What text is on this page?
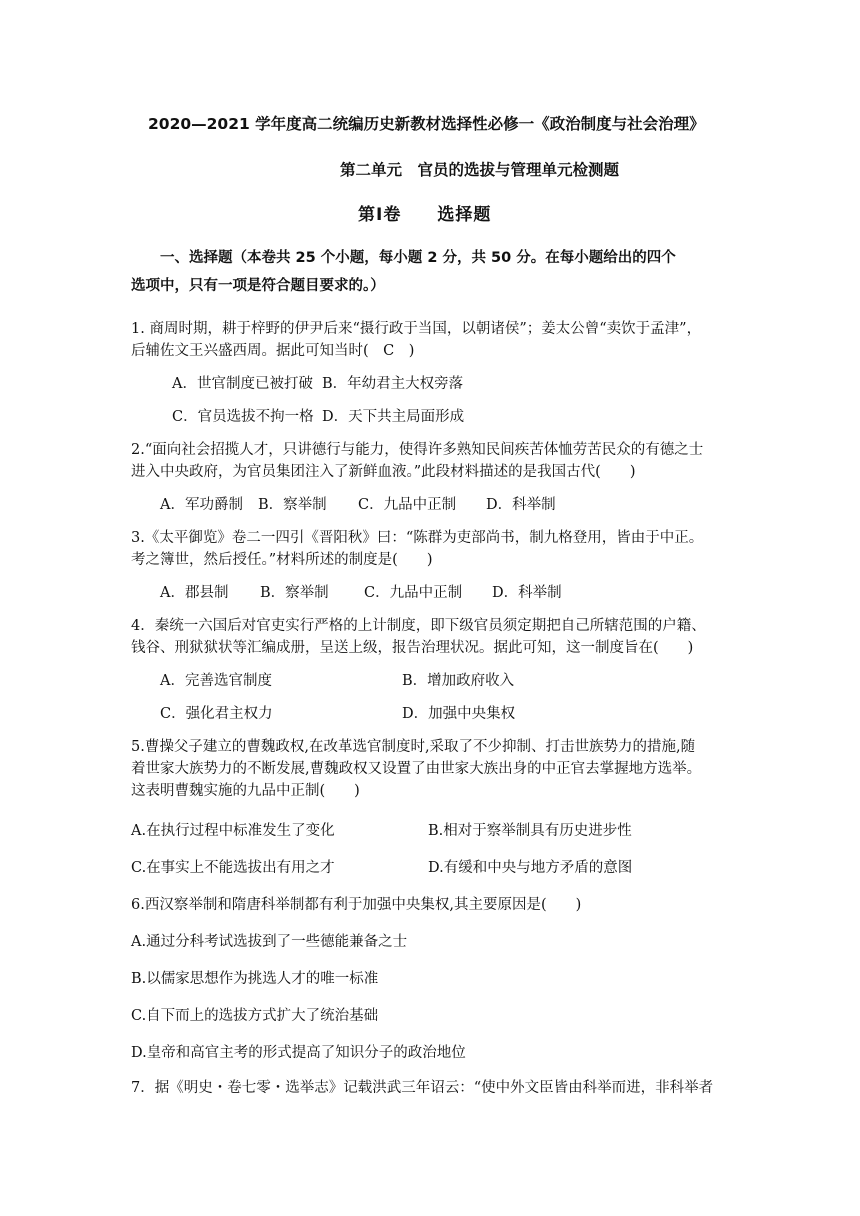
2020—2021 学年度高二统编历史新教材选择性必修一《政治制度与社会治理》
第二单元　官员的选拔与管理单元检测题
第Ⅰ卷　　选择题
一、选择题（本卷共 25 个小题，每小题 2 分，共 50 分。在每小题给出的四个
选项中，只有一项是符合题目要求的。）
1. 商周时期，耕于梓野的伊尹后来“摄行政于当国，以朝诸侯”；姜太公曾“卖饮于孟津”，
后辅佐文王兴盛西周。据此可知当时(　C　)
A．世官制度已被打破 B．年幼君主大权旁落
C．官员选拔不拘一格 D．天下共主局面形成
2.“面向社会招揽人才，只讲德行与能力，使得许多熟知民间疾苦体恤劳苦民众的有德之士
进入中央政府，为官员集团注入了新鲜血液。”此段材料描述的是我国古代(　　)
A．军功爵制 B．察举制 C．九品中正制 D．科举制
3.《太平御览》卷二一四引《晋阳秋》曰：“陈群为吏部尚书，制九格登用，皆由于中正。
考之簿世，然后授任。”材料所述的制度是(　　)
A．郡县制 B．察举制 C．九品中正制 D．科举制
4．秦统一六国后对官吏实行严格的上计制度，即下级官员须定期把自己所辖范围的户籍、
钱谷、刑狱狱状等汇编成册，呈送上级，报告治理状况。据此可知，这一制度旨在(　　)
A．完善选官制度	B．增加政府收入
C．强化君主权力	D．加强中央集权
5.曹操父子建立的曹魏政权,在改革选官制度时,采取了不少抑制、打击世族势力的措施,随
着世家大族势力的不断发展,曹魏政权又设置了由世家大族出身的中正官去掌握地方选举。
这表明曹魏实施的九品中正制(　　)
A.在执行过程中标准发生了变化	B.相对于察举制具有历史进步性
C.在事实上不能选拔出有用之才	D.有缓和中央与地方矛盾的意图
6.西汉察举制和隋唐科举制都有利于加强中央集权,其主要原因是(　　)
A.通过分科考试选拔到了一些德能兼备之士
B.以儒家思想作为挑选人才的唯一标准
C.自下而上的选拔方式扩大了统治基础
D.皇帝和高官主考的形式提高了知识分子的政治地位
7．据《明史・卷七零・选举志》记载洪武三年诏云：“使中外文臣皆由科举而进，非科举者
